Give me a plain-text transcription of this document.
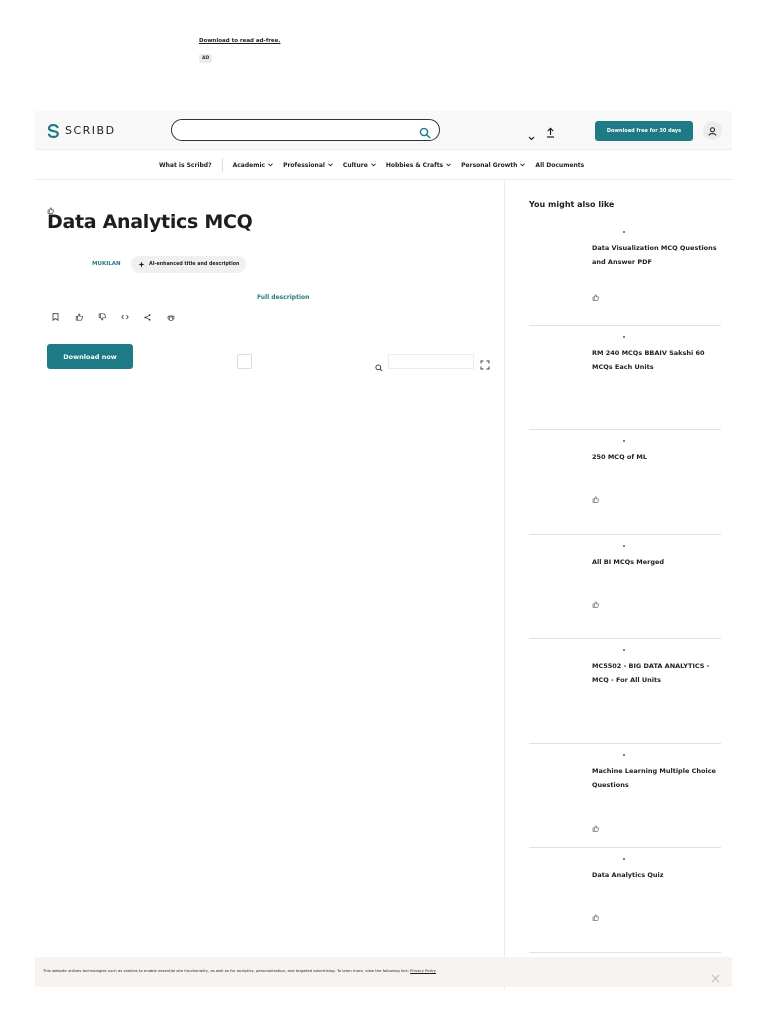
Download to read ad-free.
AD
SCRIBD	Download free for 30 days
What is Scribd?	Academic	Professional	Culture	Hobbies & Crafts	Personal Growth	All Documents
Data Analytics MCQ
MUKILAN	AI-enhanced title and description
Full description
Download now
You might also like
Data Visualization MCQ Questions and Answer PDF
RM 240 MCQs BBAIV Sakshi 60 MCQs Each Units
250 MCQ of ML
All BI MCQs Merged
MC5502 - BIG DATA ANALYTICS - MCQ - For All Units
Machine Learning Multiple Choice Questions
Data Analytics Quiz
This website utilizes technologies such as cookies to enable essential site functionality, as well as for analytics, personalization, and targeted advertising. To learn more, view the following link: Privacy Policy
